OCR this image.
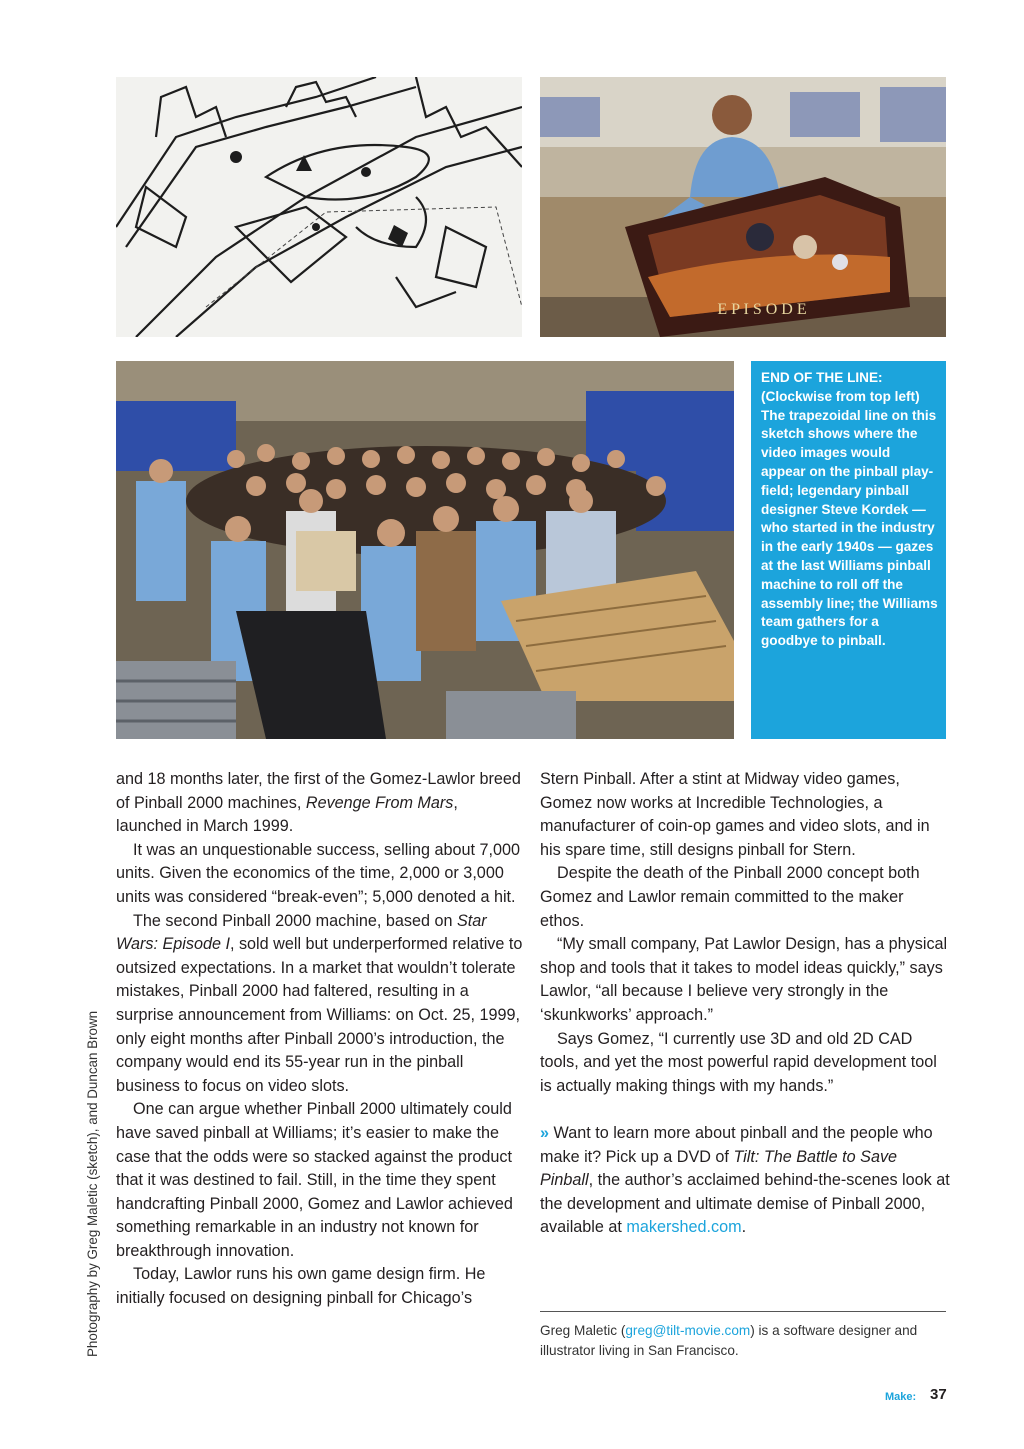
E P I S O D E

END OF THE LINE:

(Clockwise from top left) The trapezoidal line on this sketch shows where the video images would appear on the pinball play-field; legendary pinball designer Steve Kordek — who started in the industry in the early 1940s — gazes at the last Williams pinball machine to roll off the assembly line; the Williams team gathers for a goodbye to pinball.

and 18 months later, the first of the Gomez-Lawlor breed of Pinball 2000 machines, Revenge From Mars, launched in March 1999.

It was an unquestionable success, selling about 7,000 units. Given the economics of the time, 2,000 or 3,000 units was considered “break-even”; 5,000 denoted a hit.

The second Pinball 2000 machine, based on Star Wars: Episode I, sold well but underperformed relative to outsized expectations. In a market that wouldn’t tolerate mistakes, Pinball 2000 had faltered, resulting in a surprise announcement from Williams: on Oct. 25, 1999, only eight months after Pinball 2000’s introduction, the company would end its 55-year run in the pinball business to focus on video slots.

One can argue whether Pinball 2000 ultimately could have saved pinball at Williams; it’s easier to make the case that the odds were so stacked against the product that it was destined to fail. Still, in the time they spent handcrafting Pinball 2000, Gomez and Lawlor achieved something remarkable in an industry not known for breakthrough innovation.

Today, Lawlor runs his own game design firm. He initially focused on designing pinball for Chicago’s

Stern Pinball. After a stint at Midway video games, Gomez now works at Incredible Technologies, a manufacturer of coin-op games and video slots, and in his spare time, still designs pinball for Stern.

Despite the death of the Pinball 2000 concept both Gomez and Lawlor remain committed to the maker ethos.

“My small company, Pat Lawlor Design, has a physical shop and tools that it takes to model ideas quickly,” says Lawlor, “all because I believe very strongly in the ‘skunkworks’ approach.”

Says Gomez, “I currently use 3D and old 2D CAD tools, and yet the most powerful rapid development tool is actually making things with my hands.”

» Want to learn more about pinball and the people who make it? Pick up a DVD of Tilt: The Battle to Save Pinball, the author’s acclaimed behind-the-scenes look at the development and ultimate demise of Pinball 2000, available at makershed.com.

Greg Maletic (greg@tilt-movie.com) is a software designer and illustrator living in San Francisco.

Photography by Greg Maletic (sketch), and Duncan Brown
Make: 37
